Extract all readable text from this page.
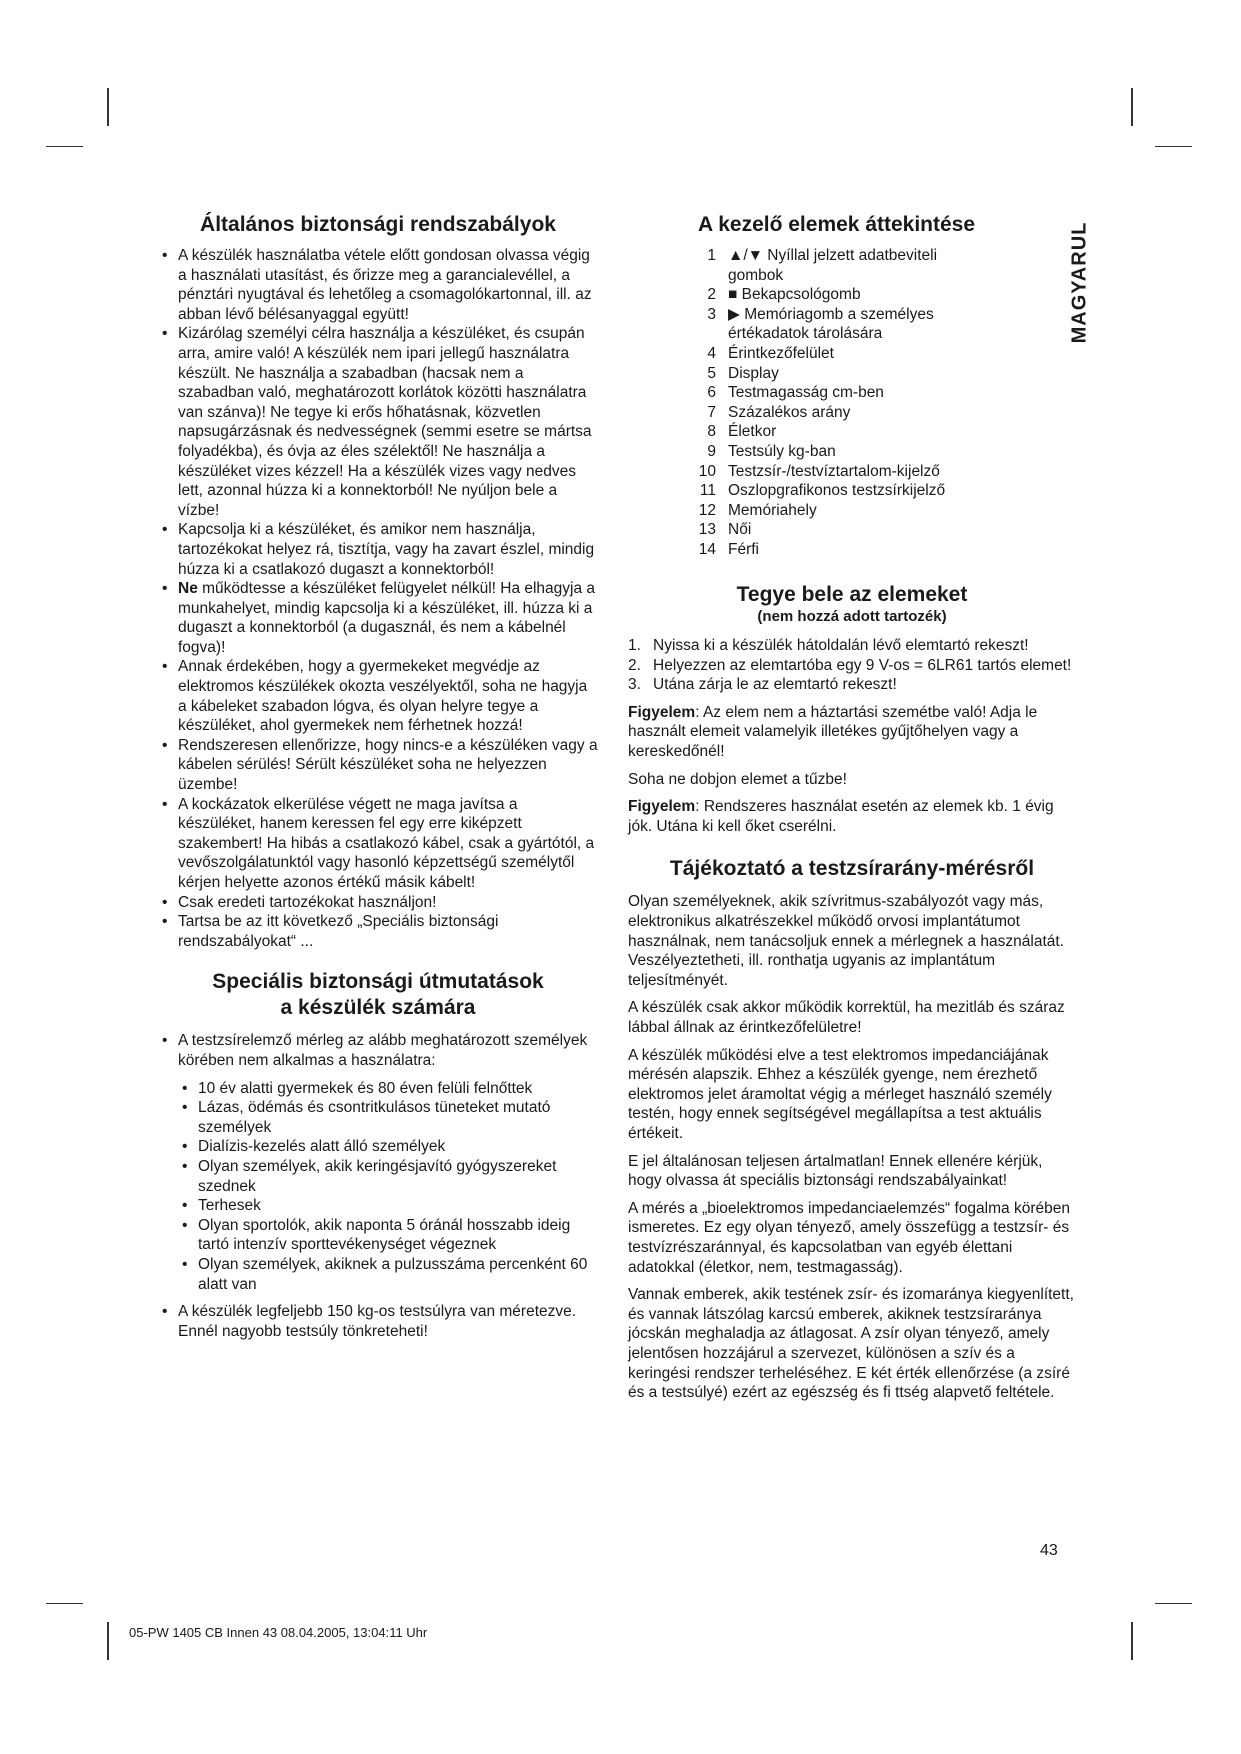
MAGYARUL
Általános biztonsági rendszabályok
• A készülék használatba vétele előtt gondosan olvassa végig a használati utasítást, és őrizze meg a garancialevéllel, a pénztári nyugtával és lehetőleg a csomagolókartonnal, ill. az abban lévő bélésanyaggal együtt!
• Kizárólag személyi célra használja a készüléket, és csupán arra, amire való! A készülék nem ipari jellegű használatra készült. Ne használja a szabadban (hacsak nem a szabadban való, meghatározott korlátok közötti használatra van szánva)! Ne tegye ki erős hőhatásnak, közvetlen napsugárzásnak és nedvességnek (semmi esetre se mártsa folyadékba), és óvja az éles szélektől! Ne használja a készüléket vizes kézzel! Ha a készülék vizes vagy nedves lett, azonnal húzza ki a konnektorból! Ne nyúljon bele a vízbe!
• Kapcsolja ki a készüléket, és amikor nem használja, tartozékokat helyez rá, tisztítja, vagy ha zavart észlel, mindig húzza ki a csatlakozó dugaszt a konnektorból!
• Ne működtesse a készüléket felügyelet nélkül! Ha elhagyja a munkahelyet, mindig kapcsolja ki a készüléket, ill. húzza ki a dugaszt a konnektorból (a dugasznál, és nem a kábelnél fogva)!
• Annak érdekében, hogy a gyermekeket megvédje az elektromos készülékek okozta veszélyektől, soha ne hagyja a kábeleket szabadon lógva, és olyan helyre tegye a készüléket, ahol gyermekek nem férhetnek hozzá!
• Rendszeresen ellenőrizze, hogy nincs-e a készüléken vagy a kábelen sérülés! Sérült készüléket soha ne helyezzen üzembe!
• A kockázatok elkerülése végett ne maga javítsa a készüléket, hanem keressen fel egy erre kiképzett szakembert! Ha hibás a csatlakozó kábel, csak a gyártótól, a vevőszolgálatunktól vagy hasonló képzettségű személytől kérjen helyette azonos értékű másik kábelt!
• Csak eredeti tartozékokat használjon!
• Tartsa be az itt következő „Speciális biztonsági rendszabályokat“ ...
Speciális biztonsági útmutatások
a készülék számára
• A testzsírelemző mérleg az alább meghatározott személyek körében nem alkalmas a használatra:
• 10 év alatti gyermekek és 80 éven felüli felnőttek
• Lázas, ödémás és csontritkulásos tüneteket mutató személyek
• Dialízis-kezelés alatt álló személyek
• Olyan személyek, akik keringésjavító gyógyszereket szednek
• Terhesek
• Olyan sportolók, akik naponta 5 óránál hosszabb ideig tartó intenzív sporttevékenységet végeznek
• Olyan személyek, akiknek a pulzusszáma percenként 60 alatt van
• A készülék legfeljebb 150 kg-os testsúlyra van méretezve. Ennél nagyobb testsúly tönkreteheti!
A kezelő elemek áttekintése
1 ▲/▼ Nyíllal jelzett adatbeviteli gombok
2 ■ Bekapcsológomb
3 ▶ Memóriagomb a személyes értékadatok tárolására
4 Érintkezőfelület
5 Display
6 Testmagasság cm-ben
7 Százalékos arány
8 Életkor
9 Testsúly kg-ban
10 Testzsír-/testvíztartalom-kijelző
11 Oszlopgrafikonos testzsírkijelző
12 Memóriahely
13 Női
14 Férfi
Tegye bele az elemeket
(nem hozzá adott tartozék)
1. Nyissa ki a készülék hátoldalán lévő elemtartó rekeszt!
2. Helyezzen az elemtartóba egy 9 V-os = 6LR61 tartós elemet!
3. Utána zárja le az elemtartó rekeszt!

Figyelem: Az elem nem a háztartási szemétbe való! Adja le használt elemeit valamelyik illetékes gyűjtőhelyen vagy a kereskedőnél!

Soha ne dobjon elemet a tűzbe!

Figyelem: Rendszeres használat esetén az elemek kb. 1 évig jók. Utána ki kell őket cserélni.

Tájékoztató a testzsírarány-mérésről

Olyan személyeknek, akik szívritmus-szabályozót vagy más, elektronikus alkatrészekkel működő orvosi implantátumot használnak, nem tanácsoljuk ennek a mérlegnek a használatát. Veszélyeztetheti, ill. ronthatja ugyanis az implantátum teljesítményét.

A készülék csak akkor működik korrektül, ha mezitláb és száraz lábbal állnak az érintkezőfelületre!

A készülék működési elve a test elektromos impedanciájának mérésén alapszik. Ehhez a készülék gyenge, nem érezhető elektromos jelet áramoltat végig a mérleget használó személy testén, hogy ennek segítségével megállapítsa a test aktuális értékeit.

E jel általánosan teljesen ártalmatlan! Ennek ellenére kérjük, hogy olvassa át speciális biztonsági rendszabályainkat!

A mérés a „bioelektromos impedanciaelemzés“ fogalma körében ismeretes. Ez egy olyan tényező, amely összefügg a testzsír- és testvízrészaránnyal, és kapcsolatban van egyéb élettani adatokkal (életkor, nem, testmagasság).

Vannak emberek, akik testének zsír- és izomaránya kiegyenlített, és vannak látszólag karcsú emberek, akiknek testzsíraránya jócskán meghaladja az átlagosat. A zsír olyan tényező, amely jelentősen hozzájárul a szervezet, különösen a szív és a keringési rendszer terheléséhez. E két érték ellenőrzése (a zsíré és a testsúlyé) ezért az egészség és fi ttség alapvető feltétele.

43
05-PW 1405 CB Innen 43 08.04.2005, 13:04:11 Uhr
